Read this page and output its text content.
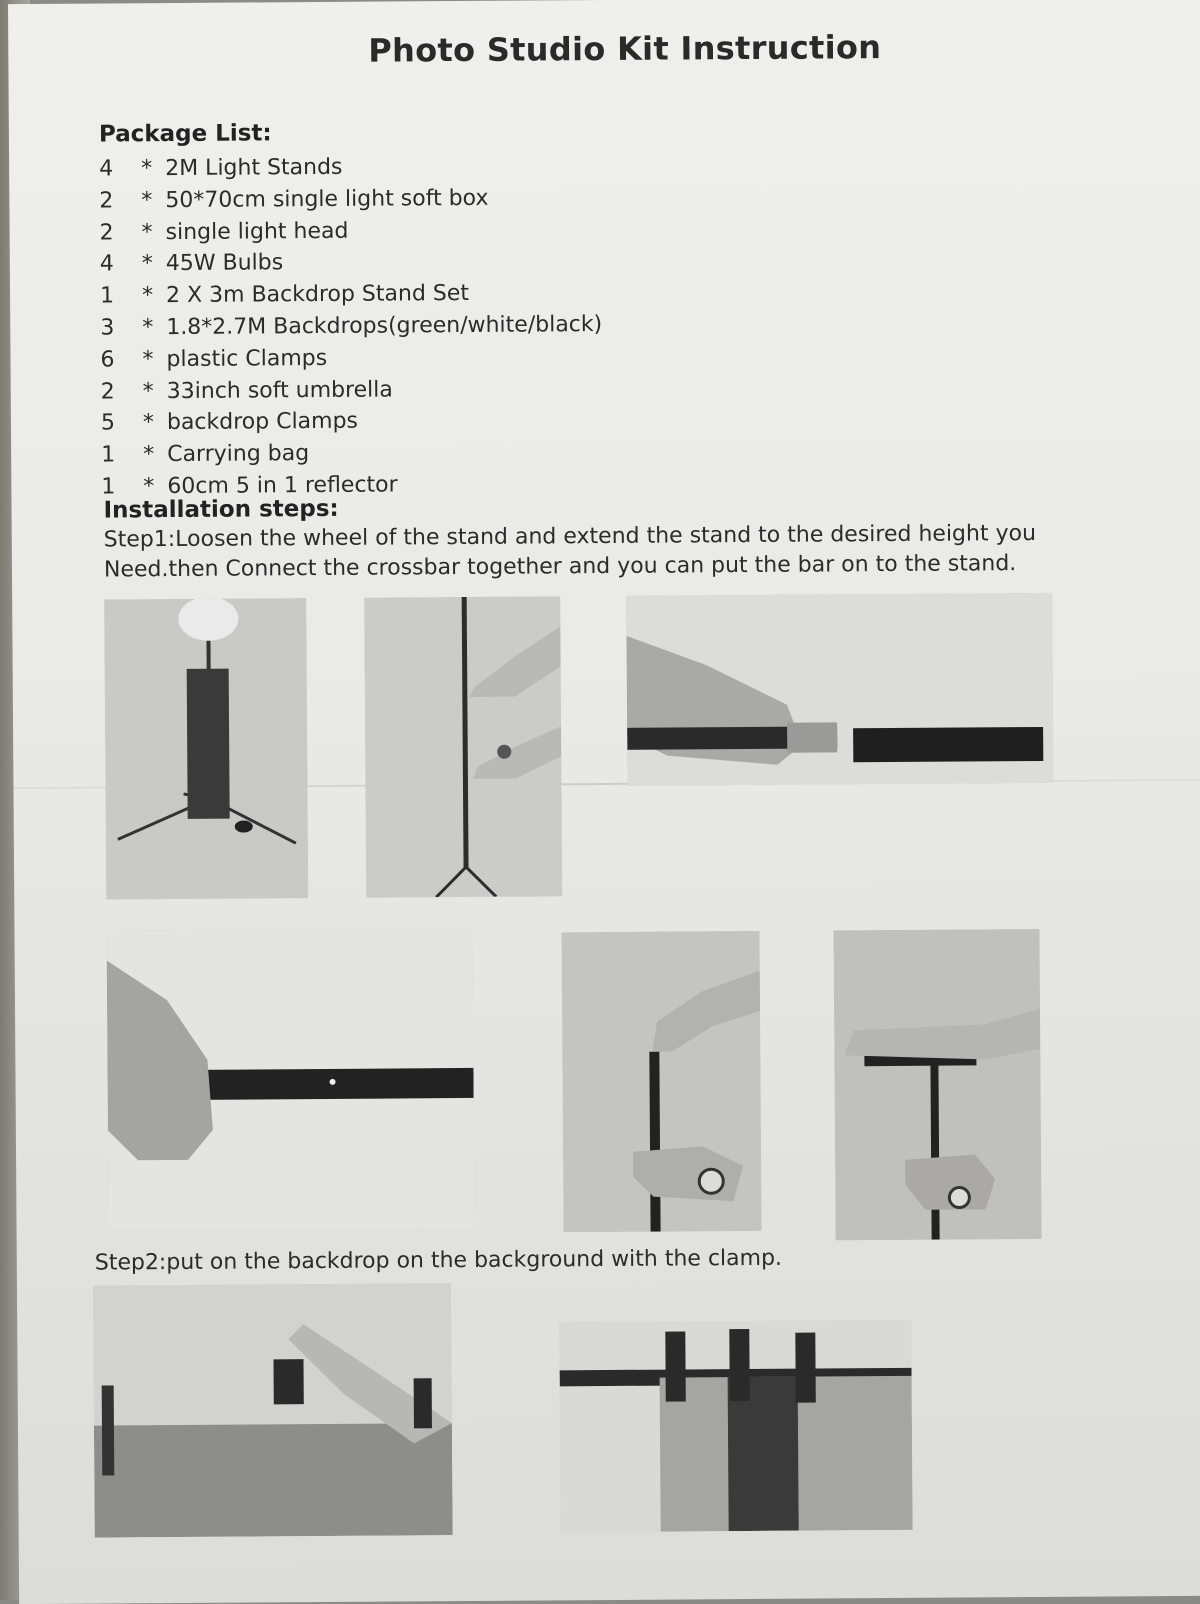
Photo Studio Kit Instruction
Package List:
4	* 2M Light Stands
2	* 50*70cm single light soft box
2	* single light head
4	* 45W Bulbs
1	* 2 X 3m Backdrop Stand Set
3	* 1.8*2.7M Backdrops(green/white/black)
6	* plastic Clamps
2	* 33inch soft umbrella
5	* backdrop Clamps
1	* Carrying bag
1	* 60cm 5 in 1 reflector
Installation steps:
Step1:Loosen the wheel of the stand and extend the stand to the desired height you
Need.then Connect the crossbar together and you can put the bar on to the stand.
Step2:put on the backdrop on the background with the clamp.
